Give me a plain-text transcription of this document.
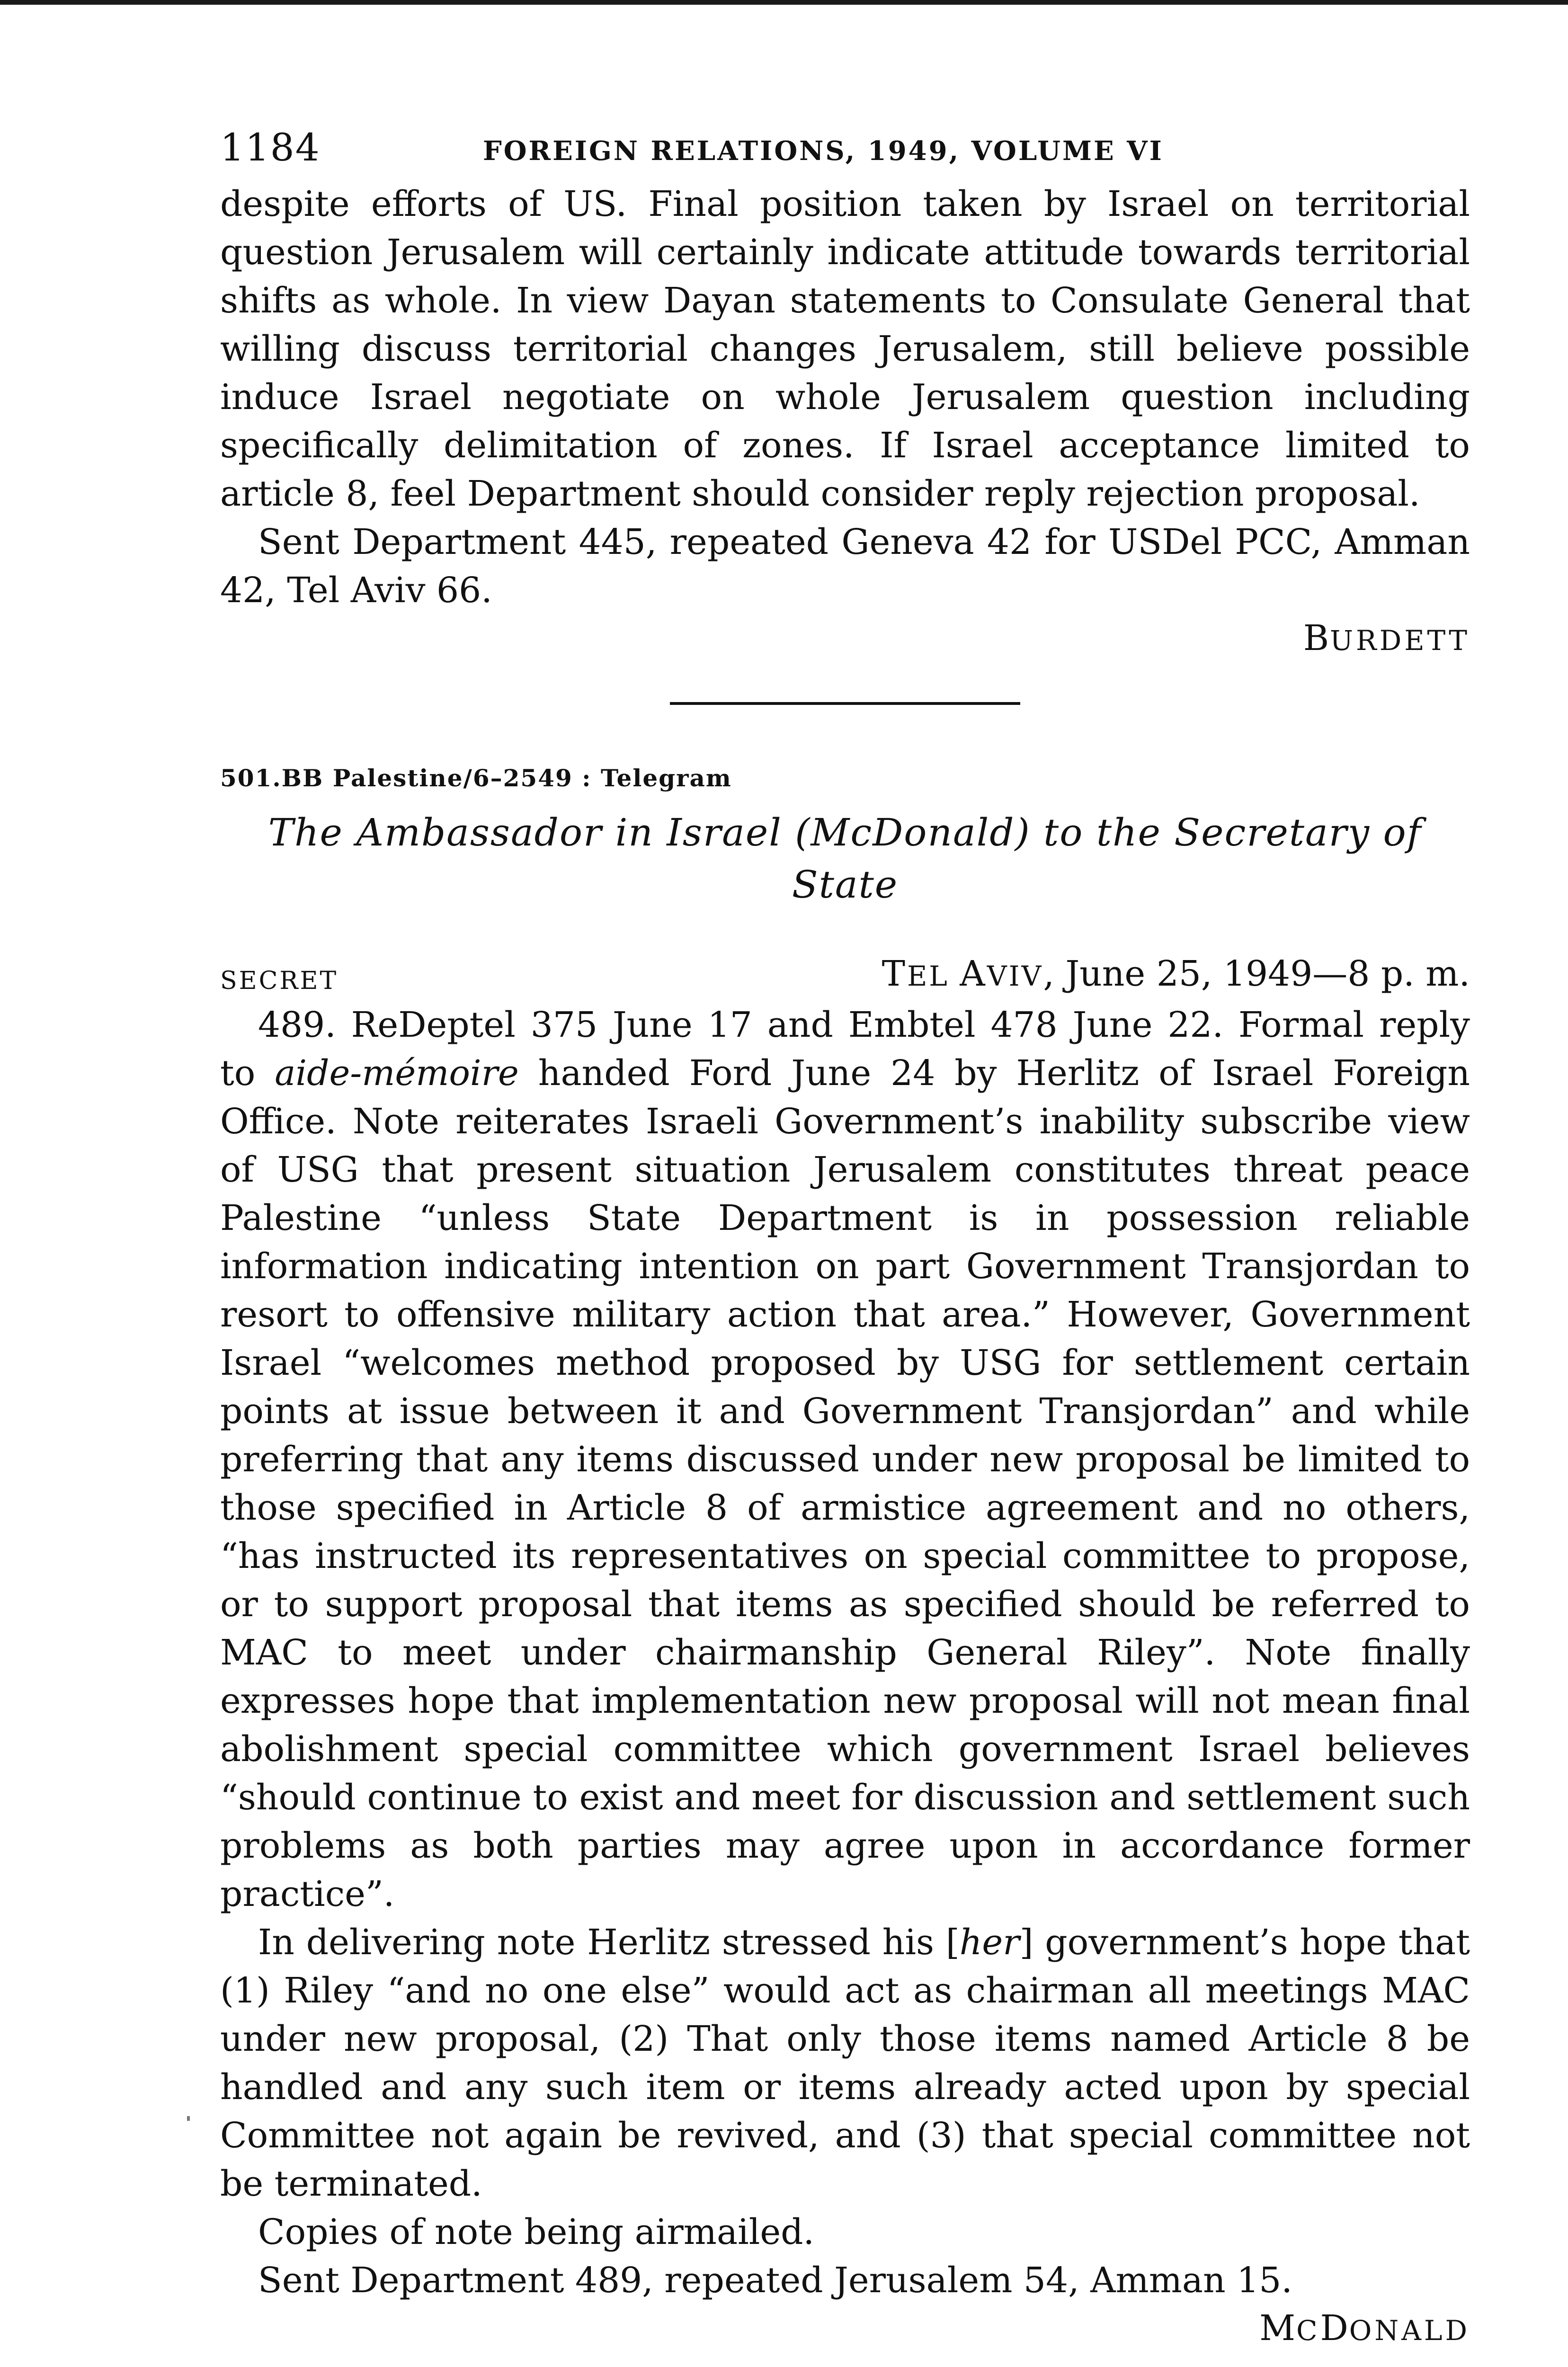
1184	FOREIGN RELATIONS, 1949, VOLUME VI

despite efforts of US. Final position taken by Israel on territorial question Jerusalem will certainly indicate attitude towards territorial shifts as whole. In view Dayan statements to Consulate General that willing discuss territorial changes Jerusalem, still believe possible induce Israel negotiate on whole Jerusalem question including specifically delimitation of zones. If Israel acceptance limited to article 8, feel Department should consider reply rejection proposal.

Sent Department 445, repeated Geneva 42 for USDel PCC, Amman 42, Tel Aviv 66.

BURDETT
501.BB Palestine/6–2549 : Telegram
The Ambassador in Israel (McDonald) to the Secretary of State
SECRET	TEL AVIV, June 25, 1949—8 p. m.

489. ReDeptel 375 June 17 and Embtel 478 June 22. Formal reply to aide-mémoire handed Ford June 24 by Herlitz of Israel Foreign Office. Note reiterates Israeli Government’s inability subscribe view of USG that present situation Jerusalem constitutes threat peace Palestine “unless State Department is in possession reliable information indicating intention on part Government Transjordan to resort to offensive military action that area.” However, Government Israel “welcomes method proposed by USG for settlement certain points at issue between it and Government Transjordan” and while preferring that any items discussed under new proposal be limited to those specified in Article 8 of armistice agreement and no others, “has instructed its representatives on special committee to propose, or to support proposal that items as specified should be referred to MAC to meet under chairmanship General Riley”. Note finally expresses hope that implementation new proposal will not mean final abolishment special committee which government Israel believes “should continue to exist and meet for discussion and settlement such problems as both parties may agree upon in accordance former practice”.

In delivering note Herlitz stressed his [her] government’s hope that (1) Riley “and no one else” would act as chairman all meetings MAC under new proposal, (2) That only those items named Article 8 be handled and any such item or items already acted upon by special Committee not again be revived, and (3) that special committee not be terminated.

Copies of note being airmailed.

Sent Department 489, repeated Jerusalem 54, Amman 15.

MCDONALD
